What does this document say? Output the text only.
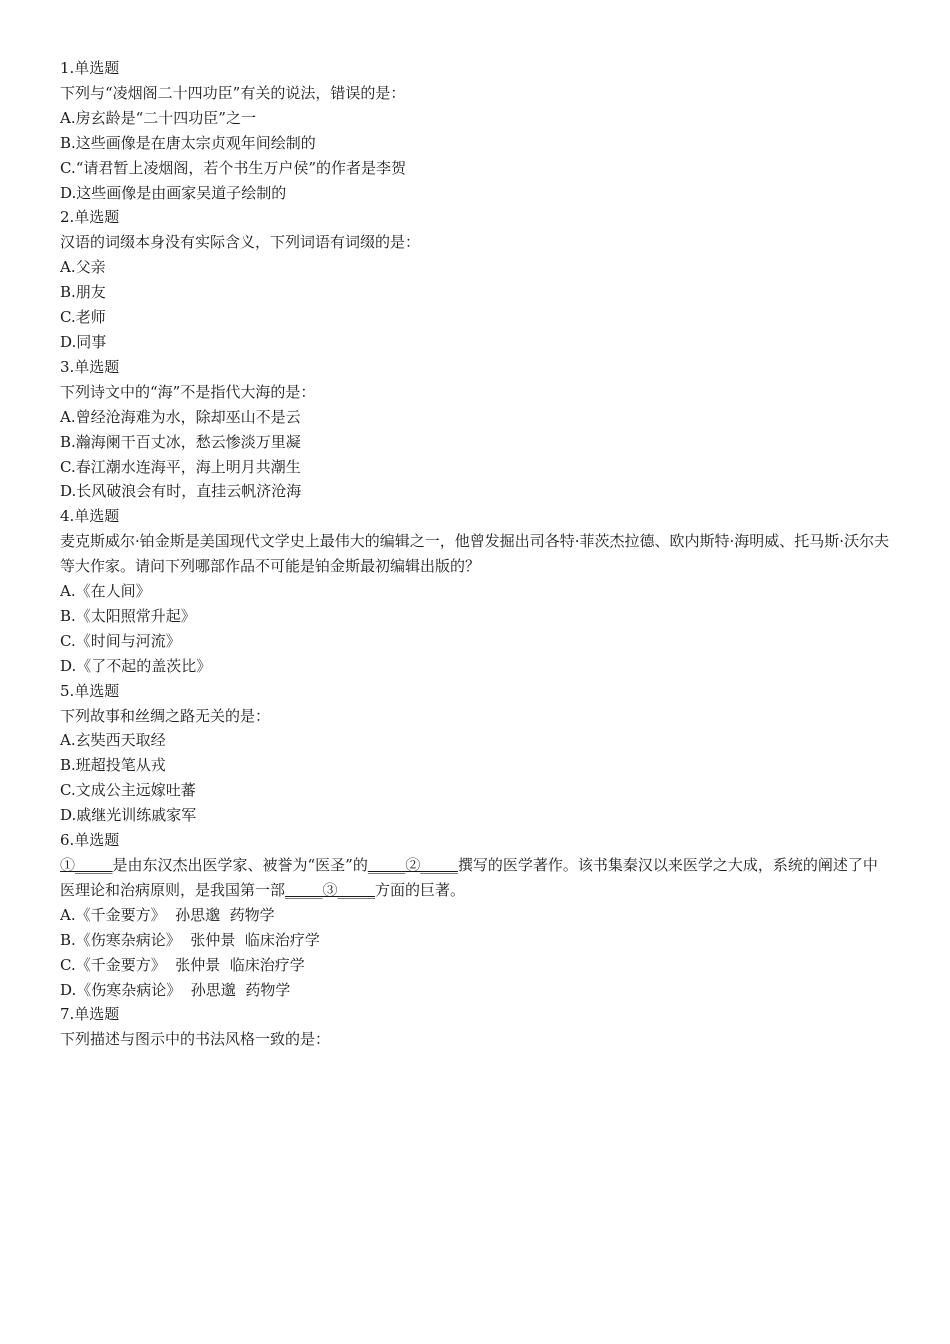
1.单选题

下列与“凌烟阁二十四功臣”有关的说法，错误的是：

A.房玄龄是“二十四功臣”之一

B.这些画像是在唐太宗贞观年间绘制的

C.“请君暂上凌烟阁，若个书生万户侯”的作者是李贺

D.这些画像是由画家吴道子绘制的

2.单选题

汉语的词缀本身没有实际含义，下列词语有词缀的是：

A.父亲

B.朋友

C.老师

D.同事

3.单选题

下列诗文中的“海”不是指代大海的是：

A.曾经沧海难为水，除却巫山不是云

B.瀚海阑干百丈冰，愁云惨淡万里凝

C.春江潮水连海平，海上明月共潮生

D.长风破浪会有时，直挂云帆济沧海

4.单选题

麦克斯威尔·铂金斯是美国现代文学史上最伟大的编辑之一，他曾发掘出司各特·菲茨杰拉德、欧内斯特·海明威、托马斯·沃尔夫等大作家。请问下列哪部作品不可能是铂金斯最初编辑出版的？

A.《在人间》

B.《太阳照常升起》

C.《时间与河流》

D.《了不起的盖茨比》

5.单选题

下列故事和丝绸之路无关的是：

A.玄奘西天取经

B.班超投笔从戎

C.文成公主远嫁吐蕃

D.戚继光训练戚家军

6.单选题

①_____是由东汉杰出医学家、被誉为“医圣”的_____②_____撰写的医学著作。该书集秦汉以来医学之大成，系统的阐述了中医理论和治病原则，是我国第一部_____③_____方面的巨著。

A.《千金要方》  孙思邈  药物学

B.《伤寒杂病论》  张仲景  临床治疗学

C.《千金要方》  张仲景  临床治疗学

D.《伤寒杂病论》  孙思邈  药物学

7.单选题

下列描述与图示中的书法风格一致的是：
